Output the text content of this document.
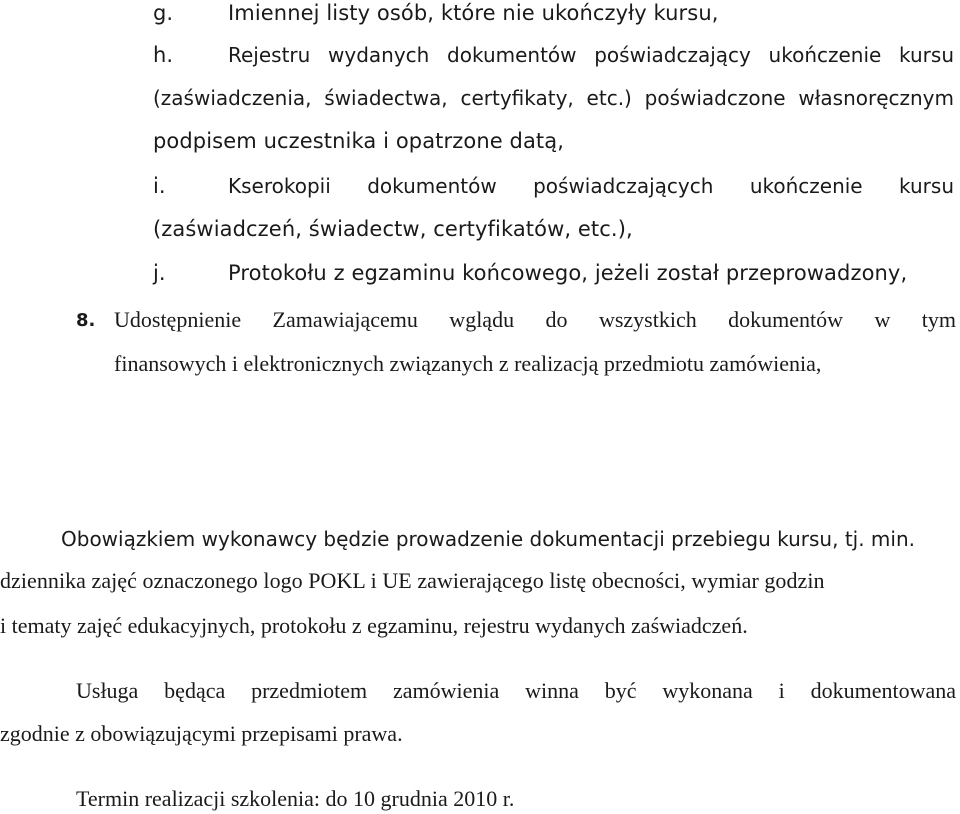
g.	Imiennej listy osób, które nie ukończyły kursu,
h.	Rejestru wydanych dokumentów poświadczający ukończenie kursu
(zaświadczenia, świadectwa, certyfikaty, etc.) poświadczone własnoręcznym
podpisem uczestnika i opatrzone datą,
i.	Kserokopii dokumentów poświadczających ukończenie kursu
(zaświadczeń, świadectw, certyfikatów, etc.),
j.	Protokołu z egzaminu końcowego, jeżeli został przeprowadzony,
8. Udostępnienie Zamawiającemu wglądu do wszystkich dokumentów w tym
finansowych i elektronicznych związanych z realizacją przedmiotu zamówienia,
Obowiązkiem wykonawcy będzie prowadzenie dokumentacji przebiegu kursu, tj. min.
dziennika zajęć oznaczonego logo POKL i UE zawierającego listę obecności, wymiar godzin
i tematy zajęć edukacyjnych, protokołu z egzaminu, rejestru wydanych zaświadczeń.
Usługa będąca przedmiotem zamówienia winna być wykonana i dokumentowana
zgodnie z obowiązującymi przepisami prawa.
Termin realizacji szkolenia: do 10 grudnia 2010 r.
